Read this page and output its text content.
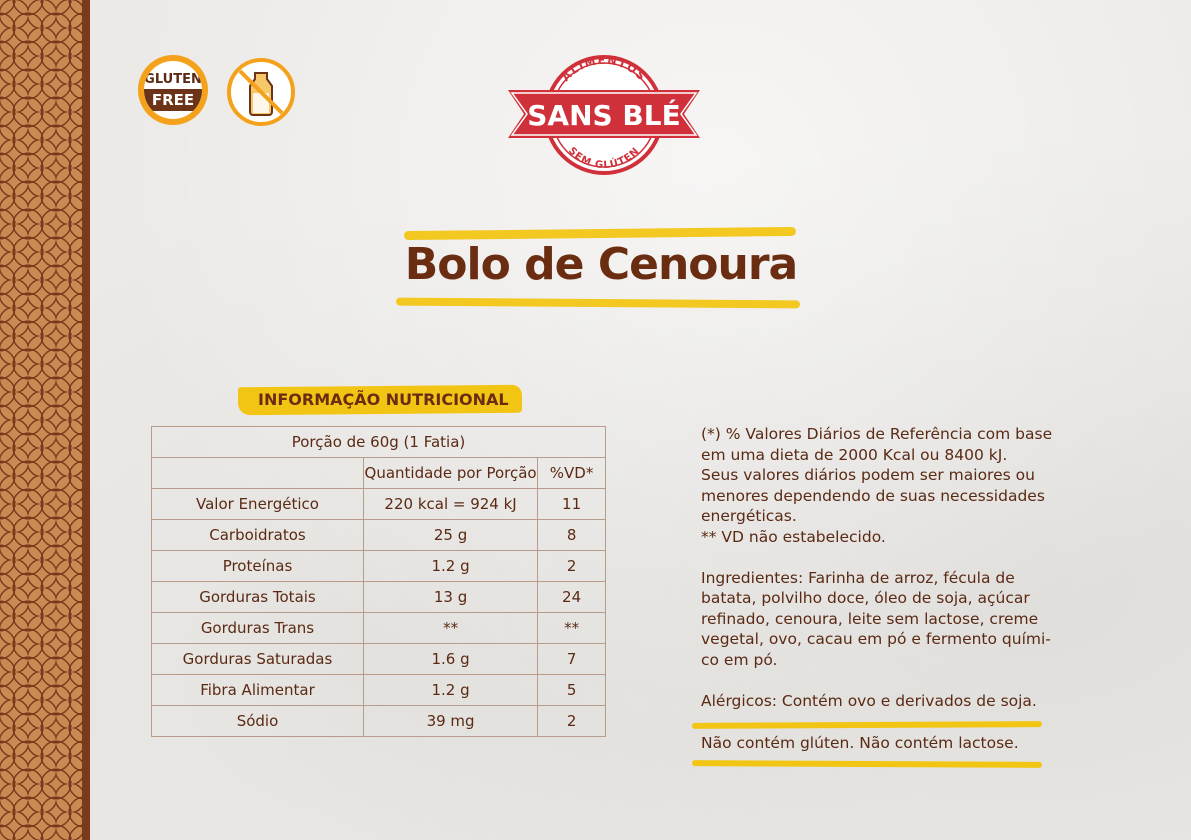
GLUTEN
FREE
ALIMENTOS
SANS BLÉ
SEM GLÚTEN
Bolo de Cenoura
INFORMAÇÃO NUTRICIONAL
Porção de 60g (1 Fatia)		
	Quantidade por Porção	%VD*
Valor Energético	220 kcal = 924 kJ	11
Carboidratos	25 g	8
Proteínas	1.2 g	2
Gorduras Totais	13 g	24
Gorduras Trans	**	**
Gorduras Saturadas	1.6 g	7
Fibra Alimentar	1.2 g	5
Sódio	39 mg	2

(*) % Valores Diários de Referência com base
em uma dieta de 2000 Kcal ou 8400 kJ.
Seus valores diários podem ser maiores ou
menores dependendo de suas necessidades
energéticas.
** VD não estabelecido.

Ingredientes: Farinha de arroz, fécula de
batata, polvilho doce, óleo de soja, açúcar
refinado, cenoura, leite sem lactose, creme
vegetal, ovo, cacau em pó e fermento quími-
co em pó.

Alérgicos: Contém ovo e derivados de soja.

Não contém glúten. Não contém lactose.
